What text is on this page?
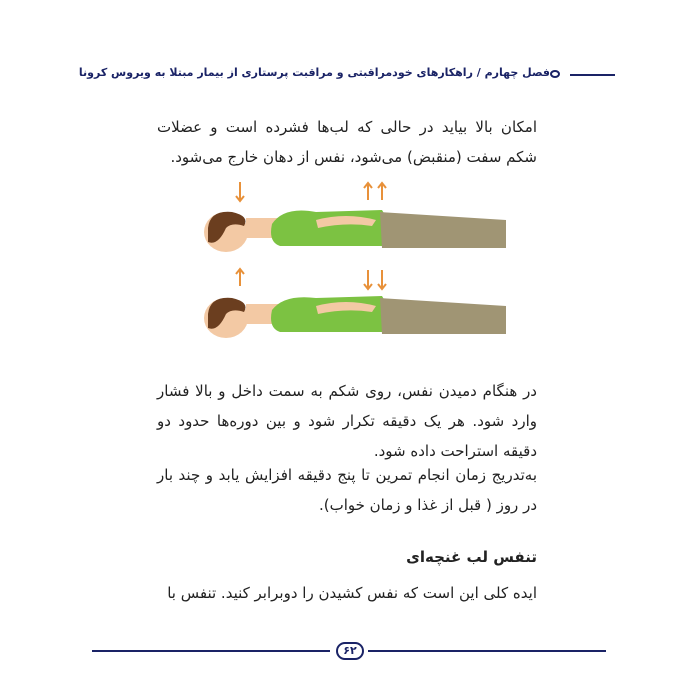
فصل چهارم / راهکارهای خودمراقبتی و مراقبت پرستاری از بیمار مبتلا به ویروس کرونا
امکان بالا بیاید در حالی که لب‌ها فشرده است و عضلات شکم سفت (منقبض) می‌شود، نفس از دهان خارج می‌شود.
در هنگام دمیدن نفس، روی شکم به سمت داخل و بالا فشار وارد شود. هر یک دقیقه تکرار شود و بین دوره‌ها حدود دو دقیقه استراحت داده شود.
به‌تدریج زمان انجام تمرین تا پنج دقیقه افزایش یابد و چند بار در روز ( قبل از غذا و زمان خواب).
تنفس لب غنچه‌ای
ایده کلی این است که نفس کشیدن را دوبرابر کنید. تنفس با
۶۲
